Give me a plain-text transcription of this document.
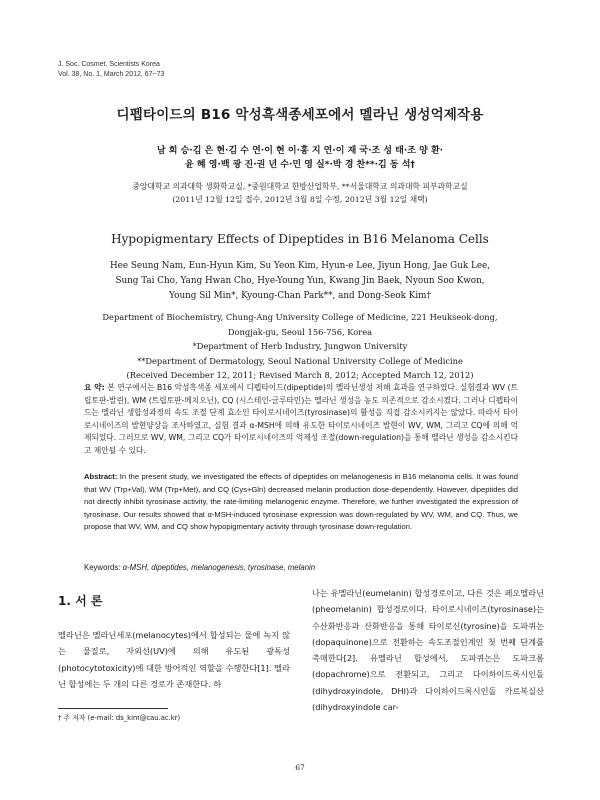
J. Soc. Cosmet. Scientists Korea
Vol. 38, No. 1, March 2012, 67~73
디펩타이드의 B16 악성흑색종세포에서 멜라닌 생성억제작용
남 희 승·김 은 현·김 수 연·이 현 이·홍 지 연·이 재 국·조 성 태·조 양 환·
윤 혜 영·백 광 진·권 년 수·민 영 실*·박 경 찬**·김 동 석†
중앙대학교 의과대학 생화학교실, *중원대학교 한방산업학부, **서울대학교 의과대학 피부과학교실
(2011년 12월 12일 접수, 2012년 3월 8일 수정, 2012년 3월 12일 채택)
Hypopigmentary Effects of Dipeptides in B16 Melanoma Cells
Hee Seung Nam, Eun-Hyun Kim, Su Yeon Kim, Hyun-e Lee, Jiyun Hong, Jae Guk Lee,
Sung Tai Cho, Yang Hwan Cho, Hye-Young Yun, Kwang Jin Baek, Nyoun Soo Kwon,
Young Sil Min*, Kyoung-Chan Park**, and Dong-Seok Kim†
Department of Biochemistry, Chung-Ang University College of Medicine, 221 Heukseok-dong,
Dongjak-gu, Seoul 156-756, Korea
*Department of Herb Industry, Jungwon University
**Department of Dermatology, Seoul National University College of Medicine
(Received December 12, 2011; Revised March 8, 2012; Accepted March 12, 2012)
요 약: 본 연구에서는 B16 악성흑색종 세포에서 디펩타이드(dipeptide)의 멜라닌생성 저해 효과를 연구하였다. 실험결과 WV (트립토판-발린), WM (트립토판-메치오닌), CQ (시스테인-글루타민)는 멜라닌 생성을 농도 의존적으로 감소시켰다. 그러나 디펩타이드는 멜라닌 생합성과정의 속도 조절 단계 효소인 타이로시네이즈(tyrosinase)의 활성을 직접 감소시키지는 않았다. 따라서 타이로시네이즈의 발현양상을 조사하였고, 실험 결과 α-MSH에 의해 유도한 타이로시네이즈 발현이 WV, WM, 그리고 CQ에 의해 억제되었다. 그러므로 WV, WM, 그리고 CQ가 타이로시네이즈의 억제성 조절(down-regulation)을 통해 멜라닌 생성을 감소시킨다고 제안될 수 있다.
Abstract: In the present study, we investigated the effects of dipeptides on melanogenesis in B16 melanoma cells. It was found that WV (Trp+Val), WM (Trp+Met), and CQ (Cys+Gln) decreased melanin production dose-dependently. However, dipeptides did not directly inhibit tyrosinase activity, the rate-limiting melanogenic enzyme. Therefore, we further investigated the expression of tyrosinase. Our results showed that α-MSH-induced tyrosinase expression was down-regulated by WV, WM, and CQ. Thus, we propose that WV, WM, and CQ show hypopigmentary activity through tyrosinase down-regulation.
Keywords: α-MSH, dipeptides, melanogenesis, tyrosinase, melanin
1. 서 론
멜라닌은 멜라닌세포(melanocytes)에서 합성되는 물에 녹지 않는 물질로, 자외선(UV)에 의해 유도된 광독성(photocytotoxicity)에 대한 방어적인 역할을 수행한다[1]. 멜라닌 합성에는 두 개의 다른 경로가 존재한다. 하
나는 유멜라닌(eumelanin) 합성경로이고, 다른 것은 페오멜라닌(pheomelanin) 합성경로이다. 타이로시네이즈(tyrosinase)는 수산화반응과 산화반응을 통해 타이로신(tyrosine)을 도파퀴논(dopaquinone)으로 전환하는 속도조절인계인 첫 번째 단계를 촉매한다[2]. 유멜라닌 합성에서, 도파퀴논은 도파크롬(dopachrome)으로 전환되고, 그리고 다이하이드록시인돌(dihydroxyindole, DHI)과 다이하이드록시인돌 카르복실산(dihydroxyindole car-
† 주 저자 (e-mail: ds_kim@cau.ac.kr)
67
